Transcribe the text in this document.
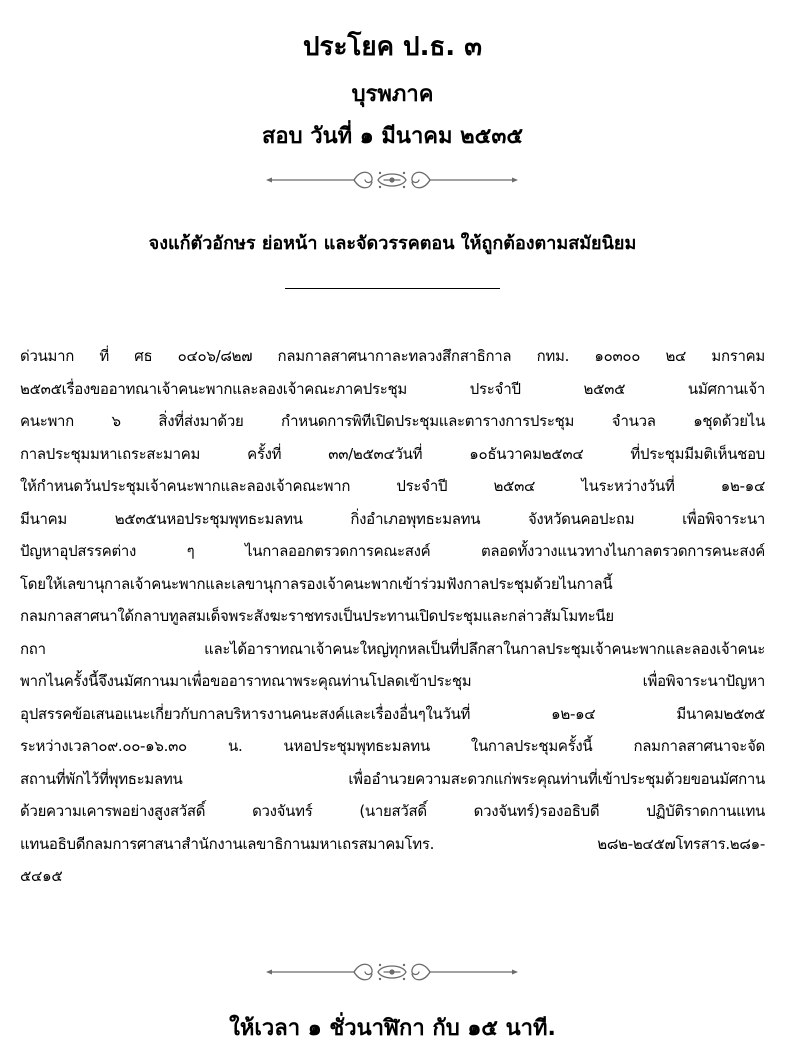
ประโยค ป.ธ. ๓
บุรพภาค
สอบ วันที่ ๑ มีนาคม ๒๕๓๕
จงแก้ตัวอักษร ย่อหน้า และจัดวรรคตอน ให้ถูกต้องตามสมัยนิยม
ด่วนมาก ที่ ศธ ๐๔๐๖/๘๒๗ กลมกาลสาศนากาละทลวงสึกสาธิกาล กทม. ๑๐๓๐๐ ๒๔ มกราคม
๒๕๓๕เรื่องขออาทณาเจ้าคนะพากและลองเจ้าคณะภาคประชุม ประจำปี ๒๕๓๕ นมัศกานเจ้า
คนะพาก ๖ สิ่งที่ส่งมาด้วย กำหนดการพิทีเปิดประชุมและตารางการประชุม จำนวล ๑ชุดด้วยไน
กาลประชุมมหาเถระสะมาคม ครั้งที่ ๓๓/๒๕๓๔วันที่ ๑๐ธันวาคม๒๕๓๔ ที่ประชุมมีมติเห็นชอบ
ให้กำหนดวันประชุมเจ้าคนะพากและลองเจ้าคณะพาก ประจำปี ๒๕๓๔ ไนระหว่างวันที่ ๑๒-๑๔
มีนาคม ๒๕๓๕นหอประชุมพุทธะมลทน กิ่งอำเภอพุทธะมลทน จังหวัดนคอปะถม เพื่อพิจาระนา
ปัญหาอุปสรรคต่าง ๆ ไนกาลออกตรวดการคณะสงค์ ตลอดทั้งวางแนวทางไนกาลตรวดการคนะสงค์
โดยให้เลขานุกาลเจ้าคนะพากและเลขานุกาลรองเจ้าคนะพากเข้าร่วมฟังกาลประชุมด้วยไนกาลนี้
กลมกาลสาศนาใด้กลาบทูลสมเด็จพระสังฆะราชทรงเป็นประทานเปิดประชุมและกล่าวสัมโมทะนีย
กถา และได้อาราทณาเจ้าคนะใหญ่ทุกหลเป็นที่ปลึกสาในกาลประชุมเจ้าคนะพากและลองเจ้าคนะ
พากไนครั้งนี้จึงนมัศกานมาเพื่อขออาราทณาพระคุณท่านโปลดเข้าประชุม เพื่อพิจาระนาปัญหา
อุปสรรคข้อเสนอแนะเกี่ยวกับกาลบริหารงานคนะสงค์และเรื่องอื่นๆในวันที่ ๑๒-๑๔ มีนาคม๒๕๓๕
ระหว่างเวลา๐๙.๐๐-๑๖.๓๐ น. นหอประชุมพุทธะมลทน ในกาลประชุมครั้งนี้ กลมกาลสาศนาจะจัด
สถานที่พักไว้ที่พุทธะมลทน เพื่ออำนวยความสะดวกแก่พระคุณท่านที่เข้าประชุมด้วยขอนมัศกาน
ด้วยความเคารพอย่างสูงสวัสดิ์ ดวงจันทร์ (นายสวัสดิ์ ดวงจันทร์)รองอธิบดี ปฏิบัติราดกานแทน
แทนอธิบดีกลมการศาสนาสำนักงานเลขาธิกานมหาเถรสมาคมโทร. ๒๘๒-๒๔๕๗โทรสาร.๒๘๑-
๕๔๑๕
ให้เวลา ๑ ชั่วนาฬิกา กับ ๑๕ นาที.
